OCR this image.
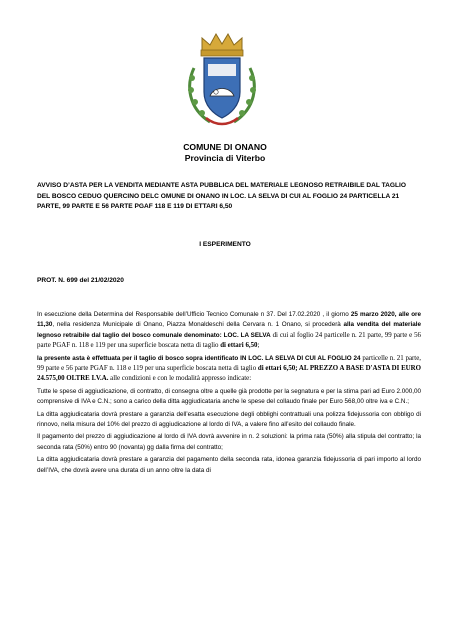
COMUNE DI ONANO
Provincia di Viterbo
AVVISO D’ASTA PER LA VENDITA MEDIANTE ASTA PUBBLICA DEL MATERIALE LEGNOSO RETRAIBILE DAL TAGLIO DEL BOSCO CEDUO QUERCINO DELC OMUNE DI ONANO IN LOC. LA SELVA DI CUI AL FOGLIO 24 PARTICELLA 21 PARTE, 99 PARTE E 56 PARTE PGAF 118 E 119 DI ETTARI 6,50
I ESPERIMENTO
PROT. N. 699 del 21/02/2020

In esecuzione della Determina del Responsabile dell’Ufficio Tecnico Comunale n 37. Del 17.02.2020 , il giorno 25 marzo 2020, alle ore 11,30, nella residenza Municipale di Onano, Piazza Monaldeschi della Cervara n. 1 Onano, si procederà alla vendita del materiale legnoso retraibile dal taglio del bosco comunale denominato: LOC. LA SELVA di cui al foglio 24 particelle n. 21 parte, 99 parte e 56 parte PGAF n. 118 e 119 per una superficie boscata netta di taglio di ettari 6,50;

la presente asta è effettuata per il taglio di bosco sopra identificato IN LOC. LA SELVA DI CUI AL FOGLIO 24 particelle n. 21 parte, 99 parte e 56 parte PGAF n. 118 e 119 per una superficie boscata netta di taglio di ettari 6,50; AL PREZZO A BASE D'ASTA DI EURO 24.575,00 OLTRE I.V.A. alle condizioni e con le modalità appresso indicate:

Tutte le spese di aggiudicazione, di contratto, di consegna oltre a quelle già prodotte per la segnatura e per la stima pari ad Euro 2.000,00 comprensive di IVA e C.N.; sono a carico della ditta aggiudicataria anche le spese del collaudo finale per Euro 568,00 oltre iva e C.N.;

La ditta aggiudicataria dovrà prestare a garanzia dell’esatta esecuzione degli obblighi contrattuali una polizza fidejussoria con obbligo di rinnovo, nella misura del 10% del prezzo di aggiudicazione al lordo di IVA, a valere fino all’esito del collaudo finale.

Il pagamento del prezzo di aggiudicazione al lordo di IVA dovrà avvenire in n. 2 soluzioni: la prima rata (50%) alla stipula del contratto; la seconda rata (50%) entro 90 (novanta) gg dalla firma del contratto;

La ditta aggiudicataria dovrà prestare a garanzia del pagamento della seconda rata, idonea garanzia fidejussoria di pari importo al lordo dell’IVA, che dovrà avere una durata di un anno oltre la data di
